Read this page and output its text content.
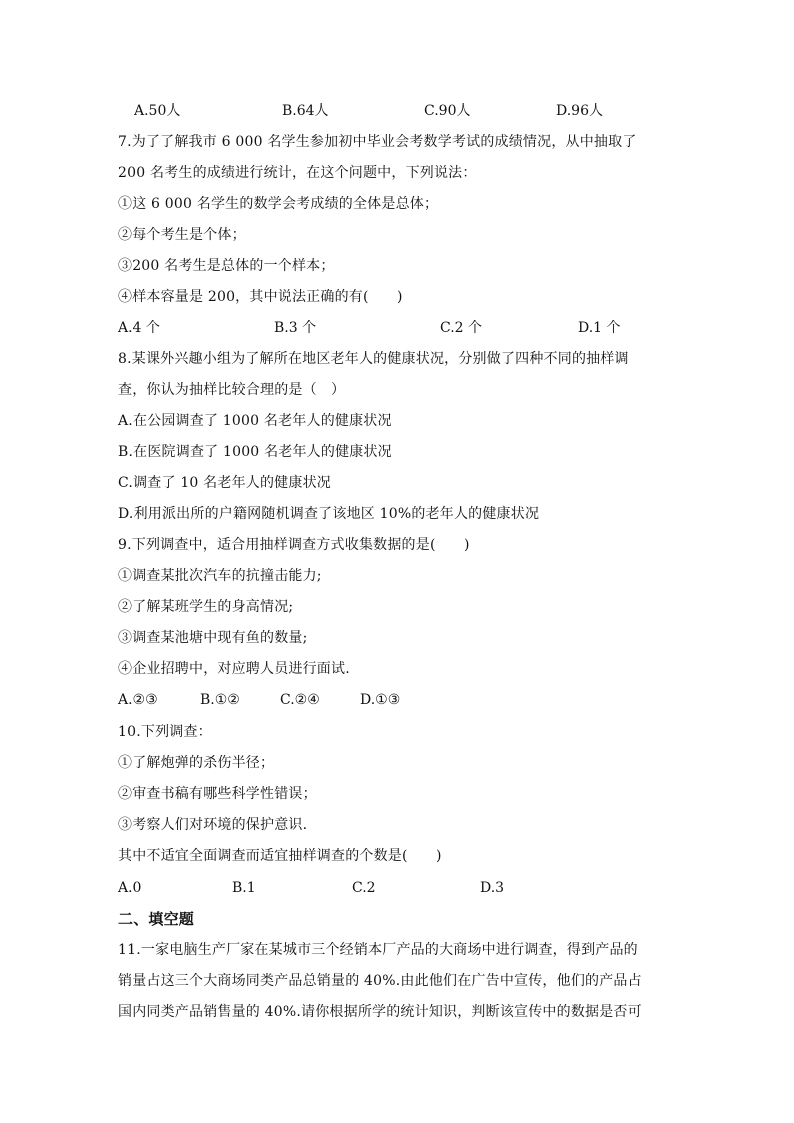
A.50人	B.64人	C.90人	D.96人
7.为了了解我市 6 000 名学生参加初中毕业会考数学考试的成绩情况，从中抽取了
200 名考生的成绩进行统计，在这个问题中，下列说法：
①这 6 000 名学生的数学会考成绩的全体是总体；
②每个考生是个体；
③200 名考生是总体的一个样本；
④样本容量是 200，其中说法正确的有(　　)
A.4 个	B.3 个	C.2 个	D.1 个
8.某课外兴趣小组为了解所在地区老年人的健康状况，分别做了四种不同的抽样调
查，你认为抽样比较合理的是（　）
A.在公园调查了 1000 名老年人的健康状况
B.在医院调查了 1000 名老年人的健康状况
C.调查了 10 名老年人的健康状况
D.利用派出所的户籍网随机调查了该地区 10%的老年人的健康状况
9.下列调查中，适合用抽样调查方式收集数据的是(　　)
①调查某批次汽车的抗撞击能力;
②了解某班学生的身高情况;
③调查某池塘中现有鱼的数量;
④企业招聘中，对应聘人员进行面试.
A.②③	B.①②	C.②④	D.①③
10.下列调查：
①了解炮弹的杀伤半径；
②审查书稿有哪些科学性错误；
③考察人们对环境的保护意识.
其中不适宜全面调查而适宜抽样调查的个数是(　　)
A.0	B.1	C.2	D.3
二、填空题
11.一家电脑生产厂家在某城市三个经销本厂产品的大商场中进行调查，得到产品的
销量占这三个大商场同类产品总销量的 40%.由此他们在广告中宣传，他们的产品占
国内同类产品销售量的 40%.请你根据所学的统计知识，判断该宣传中的数据是否可
